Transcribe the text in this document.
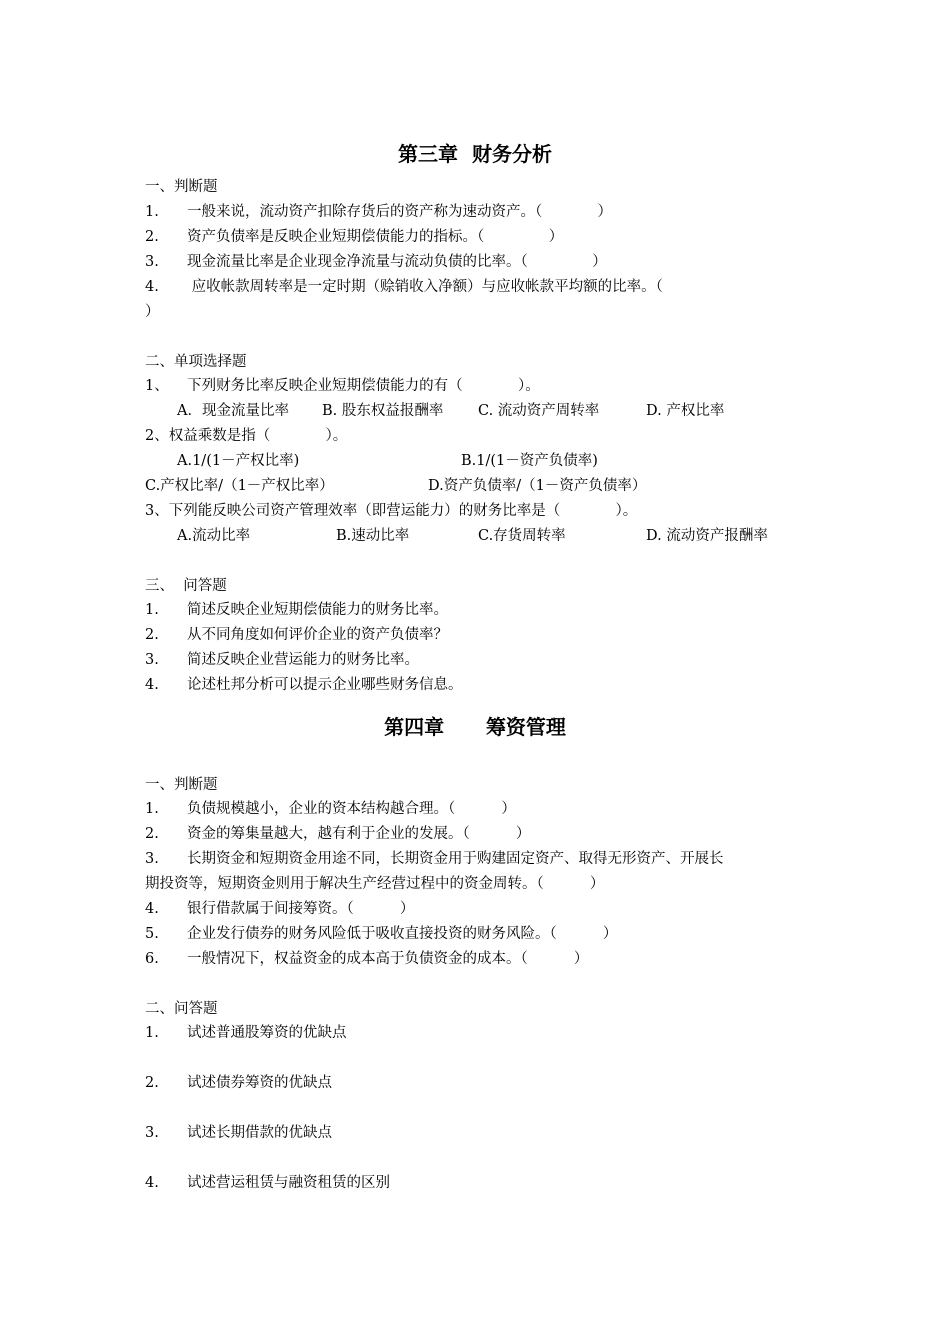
第三章  财务分析
一、判断题
1. 一般来说，流动资产扣除存货后的资产称为速动资产。（            ）
2. 资产负债率是反映企业短期偿债能力的指标。（              ）
3. 现金流量比率是企业现金净流量与流动负债的比率。（              ）
4. 应收帐款周转率是一定时期（赊销收入净额）与应收帐款平均额的比率。（
）
二、单项选择题
1、    下列财务比率反映企业短期偿债能力的有（            ）。
A．现金流量比率 B. 股东权益报酬率 C. 流动资产周转率	D. 产权比率
2、权益乘数是指（            ）。
A.1/(1－产权比率)	B.1/(1－资产负债率)
C.产权比率/（1－产权比率）	D.资产负债率/（1－资产负债率）
3、下列能反映公司资产管理效率（即营运能力）的财务比率是（            ）。
A.流动比率	B.速动比率	C.存货周转率	D. 流动资产报酬率
三、  问答题
1. 简述反映企业短期偿债能力的财务比率。
2. 从不同角度如何评价企业的资产负债率？
3. 简述反映企业营运能力的财务比率。
4. 论述杜邦分析可以提示企业哪些财务信息。
第四章      筹资管理
一、判断题
1. 负债规模越小，企业的资本结构越合理。（          ）
2. 资金的筹集量越大，越有利于企业的发展。（          ）
3. 长期资金和短期资金用途不同，长期资金用于购建固定资产、取得无形资产、开展长
期投资等，短期资金则用于解决生产经营过程中的资金周转。（          ）
4. 银行借款属于间接筹资。（          ）
5. 企业发行债券的财务风险低于吸收直接投资的财务风险。（          ）
6. 一般情况下，权益资金的成本高于负债资金的成本。（          ）
二、问答题
1. 试述普通股筹资的优缺点
2. 试述债券筹资的优缺点
3. 试述长期借款的优缺点
4. 试述营运租赁与融资租赁的区别
